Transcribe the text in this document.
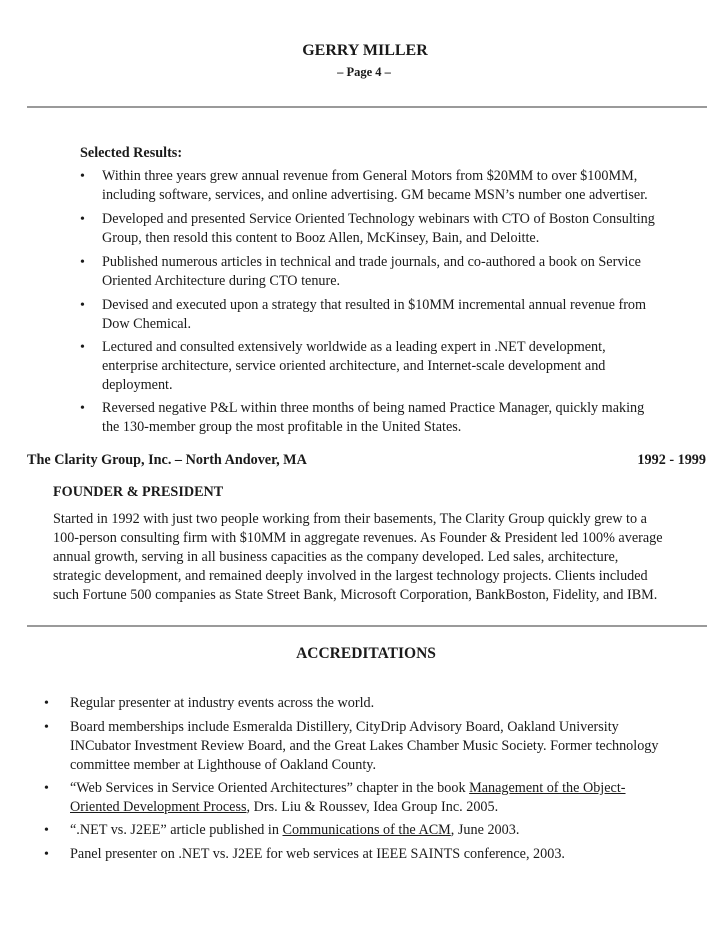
GERRY MILLER
– Page 4 –
Selected Results:
• Within three years grew annual revenue from General Motors from $20MM to over $100MM,
including software, services, and online advertising. GM became MSN’s number one advertiser.
• Developed and presented Service Oriented Technology webinars with CTO of Boston Consulting
Group, then resold this content to Booz Allen, McKinsey, Bain, and Deloitte.
• Published numerous articles in technical and trade journals, and co-authored a book on Service
Oriented Architecture during CTO tenure.
• Devised and executed upon a strategy that resulted in $10MM incremental annual revenue from
Dow Chemical.
• Lectured and consulted extensively worldwide as a leading expert in .NET development,
enterprise architecture, service oriented architecture, and Internet-scale development and
deployment.
• Reversed negative P&L within three months of being named Practice Manager, quickly making
the 130-member group the most profitable in the United States.
The Clarity Group, Inc. – North Andover, MA	1992 - 1999
FOUNDER & PRESIDENT
Started in 1992 with just two people working from their basements, The Clarity Group quickly grew to a
100-person consulting firm with $10MM in aggregate revenues. As Founder & President led 100% average
annual growth, serving in all business capacities as the company developed. Led sales, architecture,
strategic development, and remained deeply involved in the largest technology projects. Clients included
such Fortune 500 companies as State Street Bank, Microsoft Corporation, BankBoston, Fidelity, and IBM.
ACCREDITATIONS
• Regular presenter at industry events across the world.
• Board memberships include Esmeralda Distillery, CityDrip Advisory Board, Oakland University
INCubator Investment Review Board, and the Great Lakes Chamber Music Society. Former technology
committee member at Lighthouse of Oakland County.
• “Web Services in Service Oriented Architectures” chapter in the book Management of the Object-
Oriented Development Process, Drs. Liu & Roussev, Idea Group Inc. 2005.
• “.NET vs. J2EE” article published in Communications of the ACM, June 2003.
• Panel presenter on .NET vs. J2EE for web services at IEEE SAINTS conference, 2003.
